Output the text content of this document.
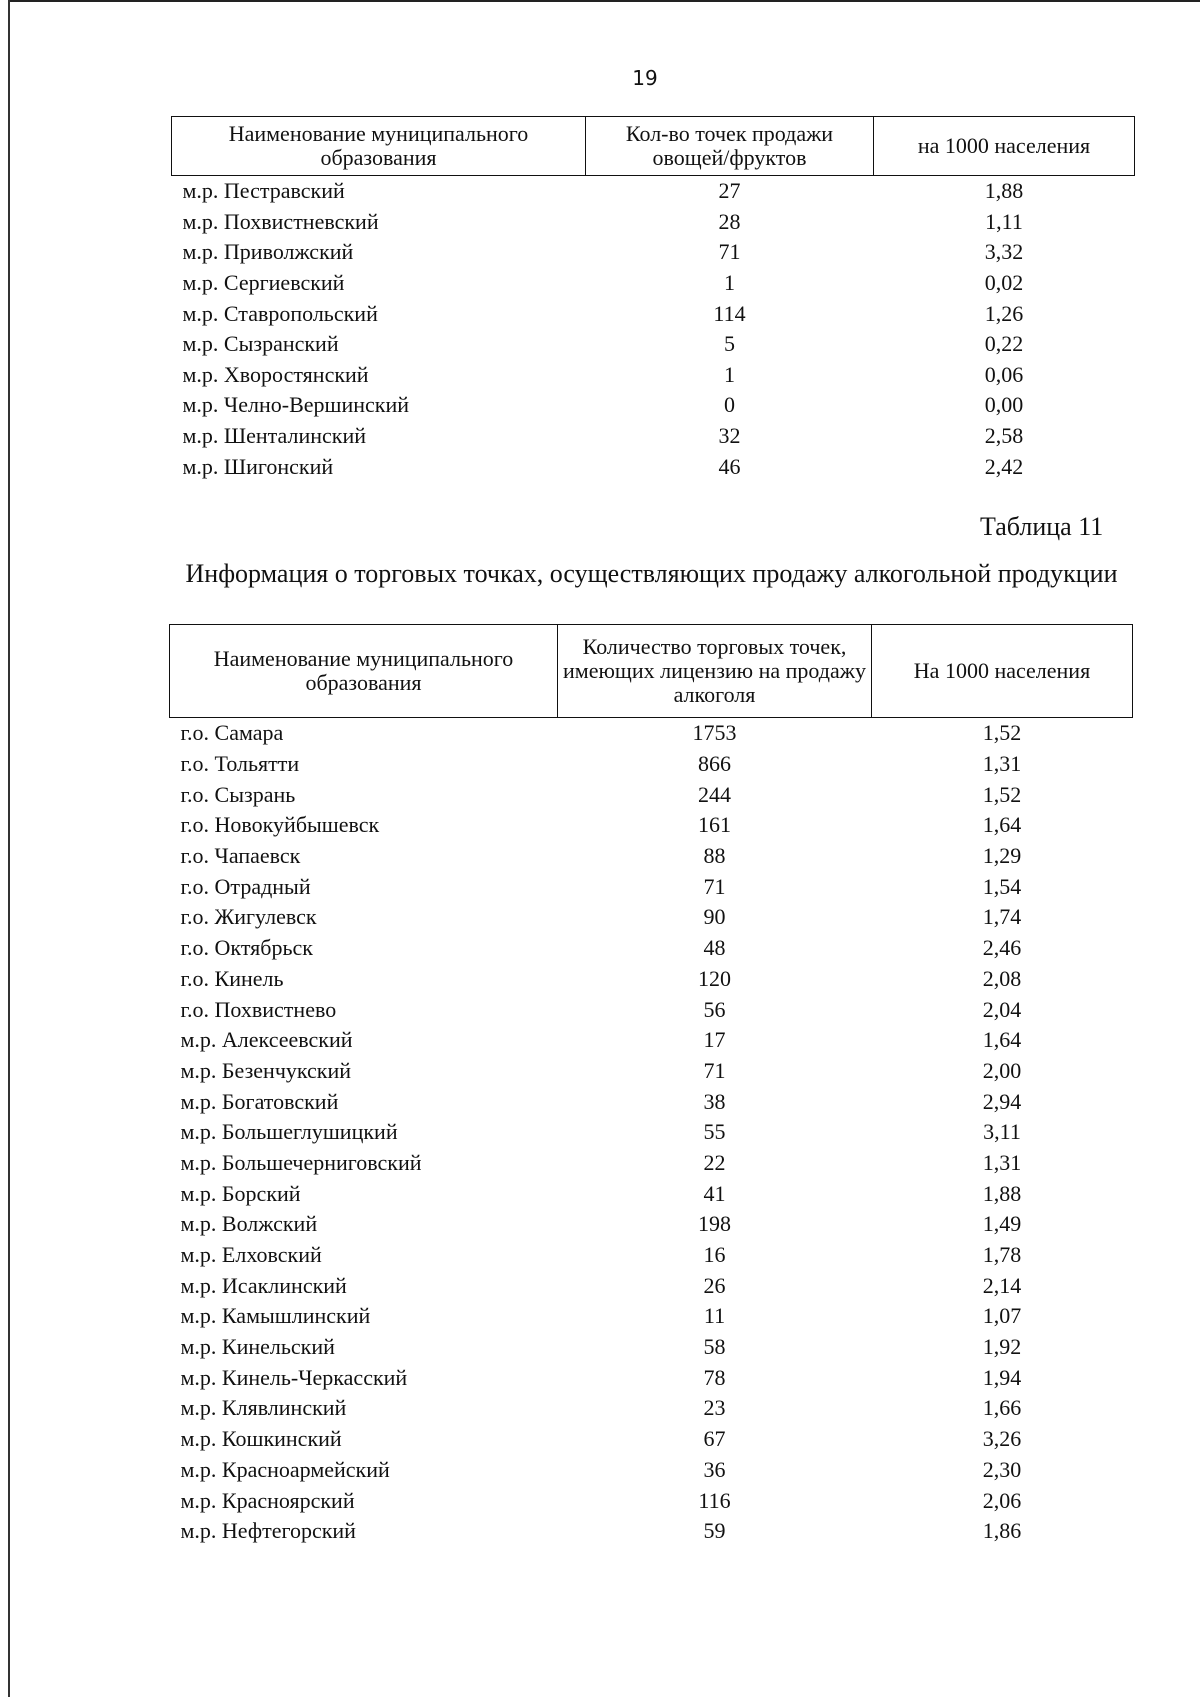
19
Наименование муниципального образования	Кол-во точек продажи овощей/фруктов	на 1000 населения
м.р. Пестравский	27	1,88
м.р. Похвистневский	28	1,11
м.р. Приволжский	71	3,32
м.р. Сергиевский	1	0,02
м.р. Ставропольский	114	1,26
м.р. Сызранский	5	0,22
м.р. Хворостянский	1	0,06
м.р. Челно-Вершинский	0	0,00
м.р. Шенталинский	32	2,58
м.р. Шигонский	46	2,42
Таблица 11
Информация о торговых точках, осуществляющих продажу алкогольной продукции
Наименование муниципального образования	Количество торговых точек, имеющих лицензию на продажу алкоголя	На 1000 населения
г.о. Самара	1753	1,52
г.о. Тольятти	866	1,31
г.о. Сызрань	244	1,52
г.о. Новокуйбышевск	161	1,64
г.о. Чапаевск	88	1,29
г.о. Отрадный	71	1,54
г.о. Жигулевск	90	1,74
г.о. Октябрьск	48	2,46
г.о. Кинель	120	2,08
г.о. Похвистнево	56	2,04
м.р. Алексеевский	17	1,64
м.р. Безенчукский	71	2,00
м.р. Богатовский	38	2,94
м.р. Большеглушицкий	55	3,11
м.р. Большечерниговский	22	1,31
м.р. Борский	41	1,88
м.р. Волжский	198	1,49
м.р. Елховский	16	1,78
м.р. Исаклинский	26	2,14
м.р. Камышлинский	11	1,07
м.р. Кинельский	58	1,92
м.р. Кинель-Черкасский	78	1,94
м.р. Клявлинский	23	1,66
м.р. Кошкинский	67	3,26
м.р. Красноармейский	36	2,30
м.р. Красноярский	116	2,06
м.р. Нефтегорский	59	1,86
